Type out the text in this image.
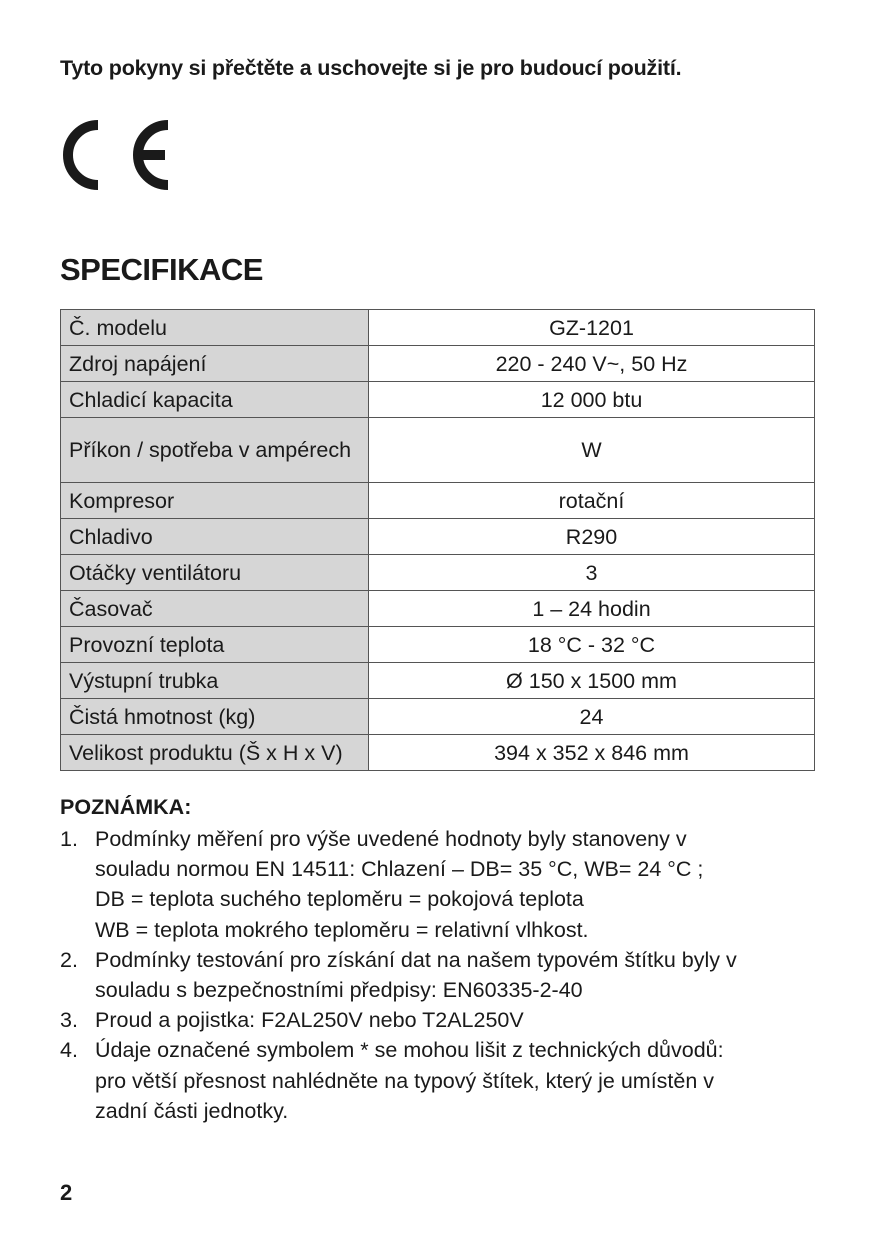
Tyto pokyny si přečtěte a uschovejte si je pro budoucí použití.
SPECIFIKACE
Č. modelu	GZ-1201
Zdroj napájení	220 - 240 V~, 50 Hz
Chladicí kapacita	12 000 btu
Příkon / spotřeba v ampérech	W
Kompresor	rotační
Chladivo	R290
Otáčky ventilátoru	3
Časovač	1 – 24 hodin
Provozní teplota	18 °C - 32 °C
Výstupní trubka	Ø 150 x 1500 mm
Čistá hmotnost (kg)	24
Velikost produktu (Š x H x V)	394 x 352 x 846 mm
POZNÁMKA:
1. Podmínky měření pro výše uvedené hodnoty byly stanoveny v
souladu normou EN 14511: Chlazení – DB= 35 °C, WB= 24 °C ;
DB = teplota suchého teploměru = pokojová teplota
WB = teplota mokrého teploměru = relativní vlhkost.
2. Podmínky testování pro získání dat na našem typovém štítku byly v
souladu s bezpečnostními předpisy: EN60335-2-40
3. Proud a pojistka: F2AL250V nebo T2AL250V
4. Údaje označené symbolem * se mohou lišit z technických důvodů:
pro větší přesnost nahlédněte na typový štítek, který je umístěn v
zadní části jednotky.
2
